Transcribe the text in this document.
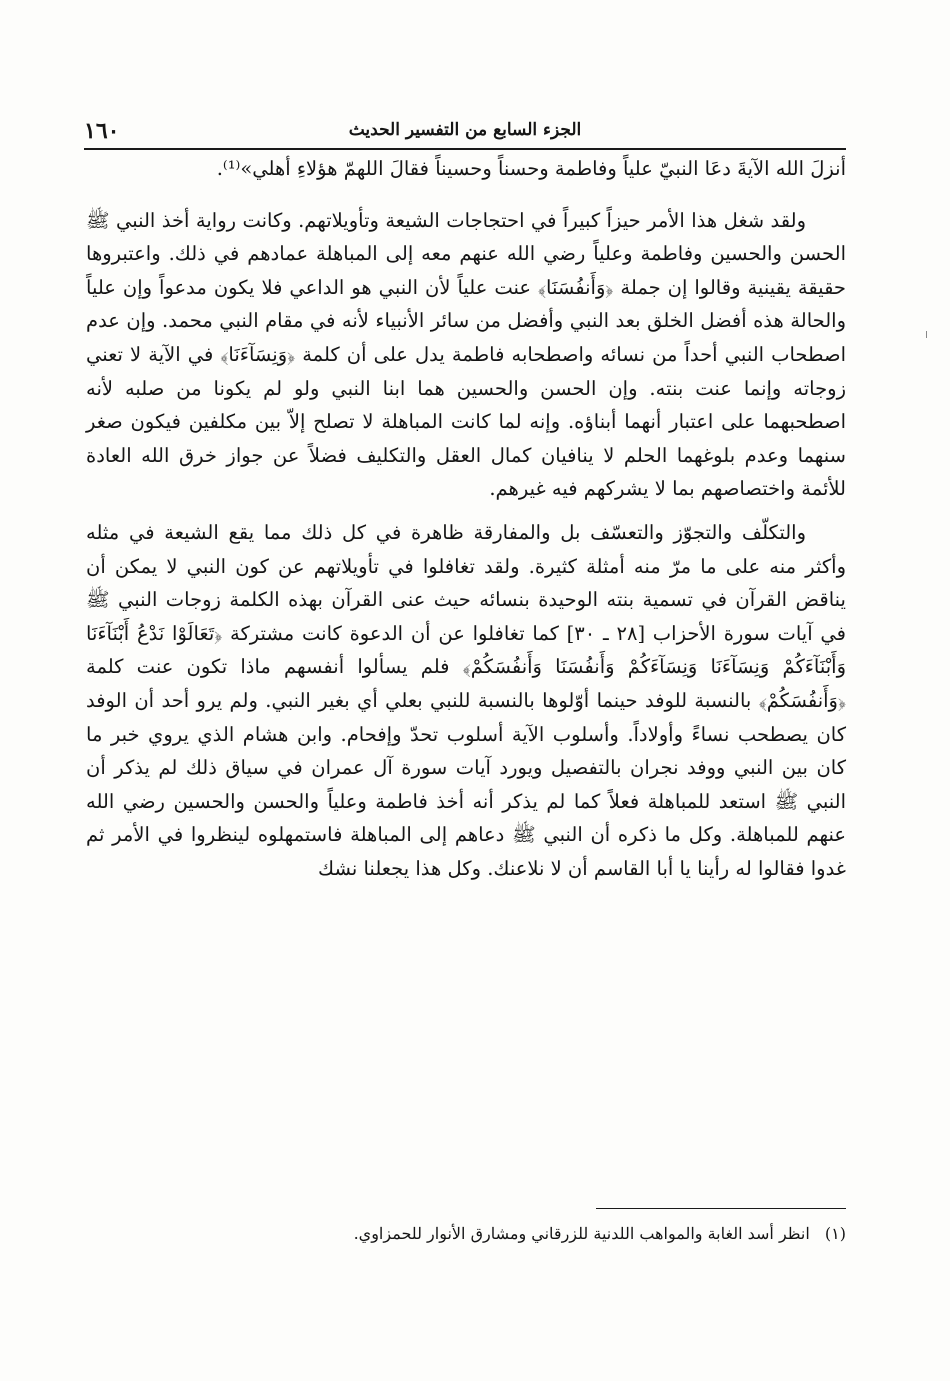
١٦٠	الجزء السابع من التفسير الحديث

أنزلَ الله الآيةَ دعَا النبيّ علياً وفاطمة وحسناً وحسيناً فقالَ اللهمّ هؤلاءِ أهلي»⁽¹⁾.

ولقد شغل هذا الأمر حيزاً كبيراً في احتجاجات الشيعة وتأويلاتهم. وكانت رواية أخذ النبي ﷺ الحسن والحسين وفاطمة وعلياً رضي الله عنهم معه إلى المباهلة عمادهم في ذلك. واعتبروها حقيقة يقينية وقالوا إن جملة ﴿وَأَنفُسَنَا﴾ عنت علياً لأن النبي هو الداعي فلا يكون مدعواً وإن علياً والحالة هذه أفضل الخلق بعد النبي وأفضل من سائر الأنبياء لأنه في مقام النبي محمد. وإن عدم اصطحاب النبي أحداً من نسائه واصطحابه فاطمة يدل على أن كلمة ﴿وَنِسَآءَنَا﴾ في الآية لا تعني زوجاته وإنما عنت بنته. وإن الحسن والحسين هما ابنا النبي ولو لم يكونا من صلبه لأنه اصطحبهما على اعتبار أنهما أبناؤه. وإنه لما كانت المباهلة لا تصلح إلاّ بين مكلفين فيكون صغر سنهما وعدم بلوغهما الحلم لا ينافيان كمال العقل والتكليف فضلاً عن جواز خرق الله العادة للأئمة واختصاصهم بما لا يشركهم فيه غيرهم.

والتكلّف والتجوّز والتعسّف بل والمفارقة ظاهرة في كل ذلك مما يقع الشيعة في مثله وأكثر منه على ما مرّ منه أمثلة كثيرة. ولقد تغافلوا في تأويلاتهم عن كون النبي لا يمكن أن يناقض القرآن في تسمية بنته الوحيدة بنسائه حيث عنى القرآن بهذه الكلمة زوجات النبي ﷺ في آيات سورة الأحزاب [٢٨ ـ ٣٠] كما تغافلوا عن أن الدعوة كانت مشتركة ﴿تَعَالَوْا نَدْعُ أَبْنَآءَنَا وَأَبْنَآءَكُمْ وَنِسَآءَنَا وَنِسَآءَكُمْ وَأَنفُسَنَا وَأَنفُسَكُمْ﴾ فلم يسألوا أنفسهم ماذا تكون عنت كلمة ﴿وَأَنفُسَكُمْ﴾ بالنسبة للوفد حينما أوّلوها بالنسبة للنبي بعلي أي بغير النبي. ولم يرو أحد أن الوفد كان يصطحب نساءً وأولاداً. وأسلوب الآية أسلوب تحدّ وإفحام. وابن هشام الذي يروي خبر ما كان بين النبي ووفد نجران بالتفصيل ويورد آيات سورة آل عمران في سياق ذلك لم يذكر أن النبي ﷺ استعد للمباهلة فعلاً كما لم يذكر أنه أخذ فاطمة وعلياً والحسن والحسين رضي الله عنهم للمباهلة. وكل ما ذكره أن النبي ﷺ دعاهم إلى المباهلة فاستمهلوه لينظروا في الأمر ثم غدوا فقالوا له رأينا يا أبا القاسم أن لا نلاعنك. وكل هذا يجعلنا نشك

(١) انظر أسد الغابة والمواهب اللدنية للزرقاني ومشارق الأنوار للحمزاوي.
